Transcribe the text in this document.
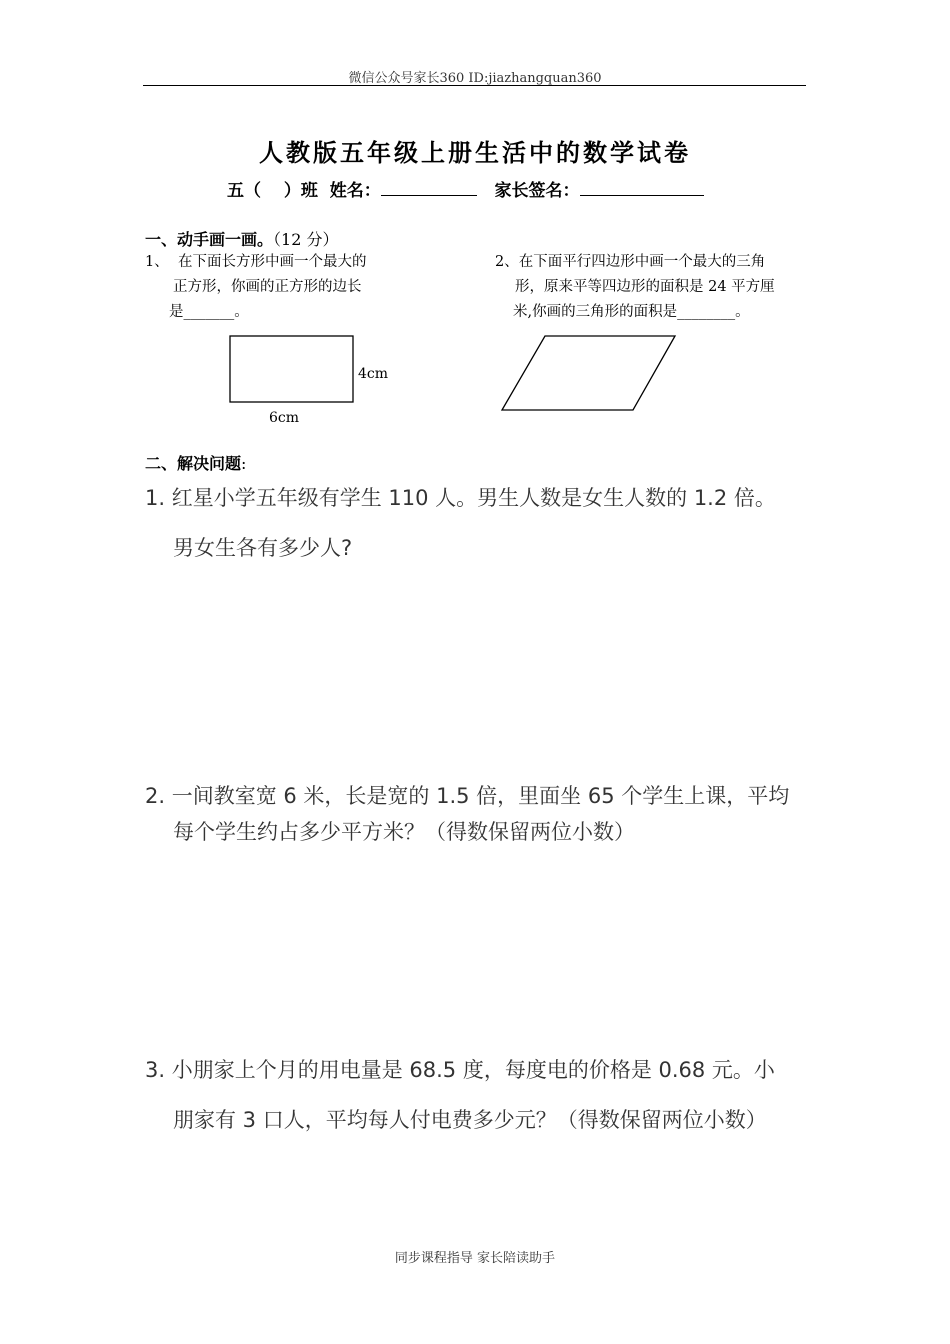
微信公众号家长360 ID:jiazhangquan360
人教版五年级上册生活中的数学试卷
五（　 ）班 姓名：	家长签名：
一、动手画一画。（12 分）
1、 在下面长方形中画一个最大的
正方形，你画的正方形的边长
是_______。
2、在下面平行四边形中画一个最大的三角
形，原来平等四边形的面积是 24 平方厘
米,你画的三角形的面积是________。
4cm
6cm
二、解决问题:
1. 红星小学五年级有学生 110 人。男生人数是女生人数的 1.2 倍。
男女生各有多少人?
2. 一间教室宽 6 米，长是宽的 1.5 倍，里面坐 65 个学生上课，平均
每个学生约占多少平方米？（得数保留两位小数）
3. 小朋家上个月的用电量是 68.5 度，每度电的价格是 0.68 元。小
朋家有 3 口人，平均每人付电费多少元？（得数保留两位小数）
同步课程指导 家长陪读助手
